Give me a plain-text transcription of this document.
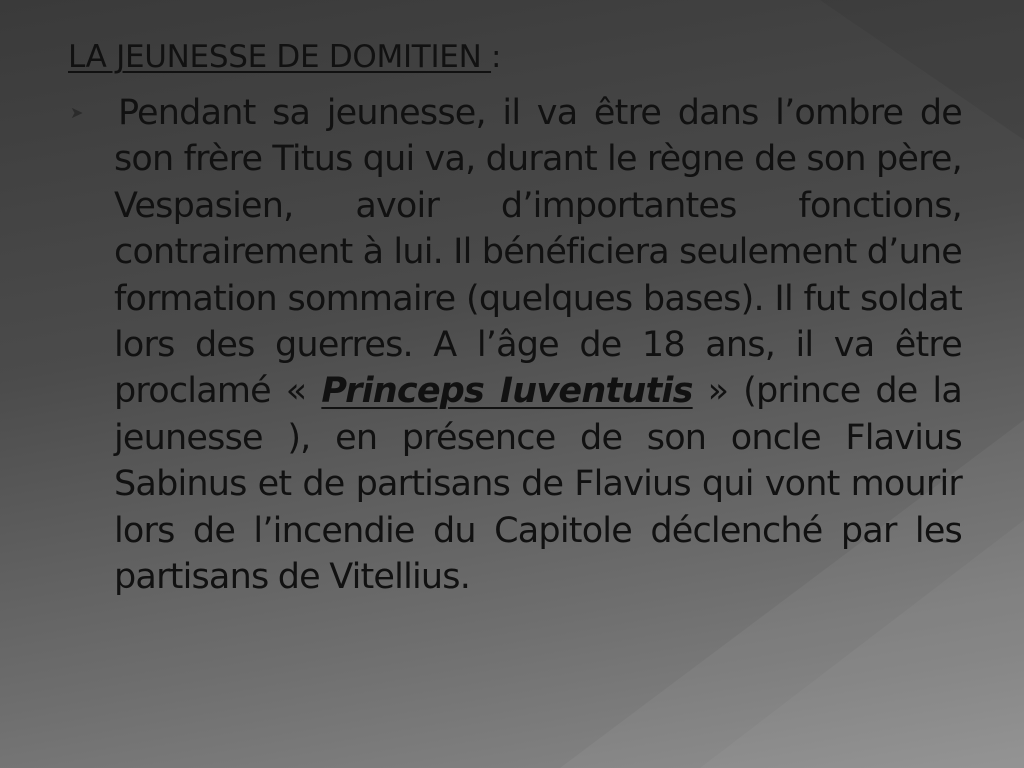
LA JEUNESSE DE DOMITIEN :
➤ Pendant sa jeunesse, il va être dans l’ombre de son frère Titus qui va, durant le règne de son père, Vespasien, avoir d’importantes fonctions, contrairement à lui. Il bénéficiera seulement d’une formation sommaire (quelques bases). Il fut soldat lors des guerres. A l’âge de 18 ans, il va être proclamé « Princeps Iuventutis » (prince de la jeunesse ), en présence de son oncle Flavius Sabinus et de partisans de Flavius qui vont mourir lors de l’incendie du Capitole déclenché par les partisans de Vitellius.
